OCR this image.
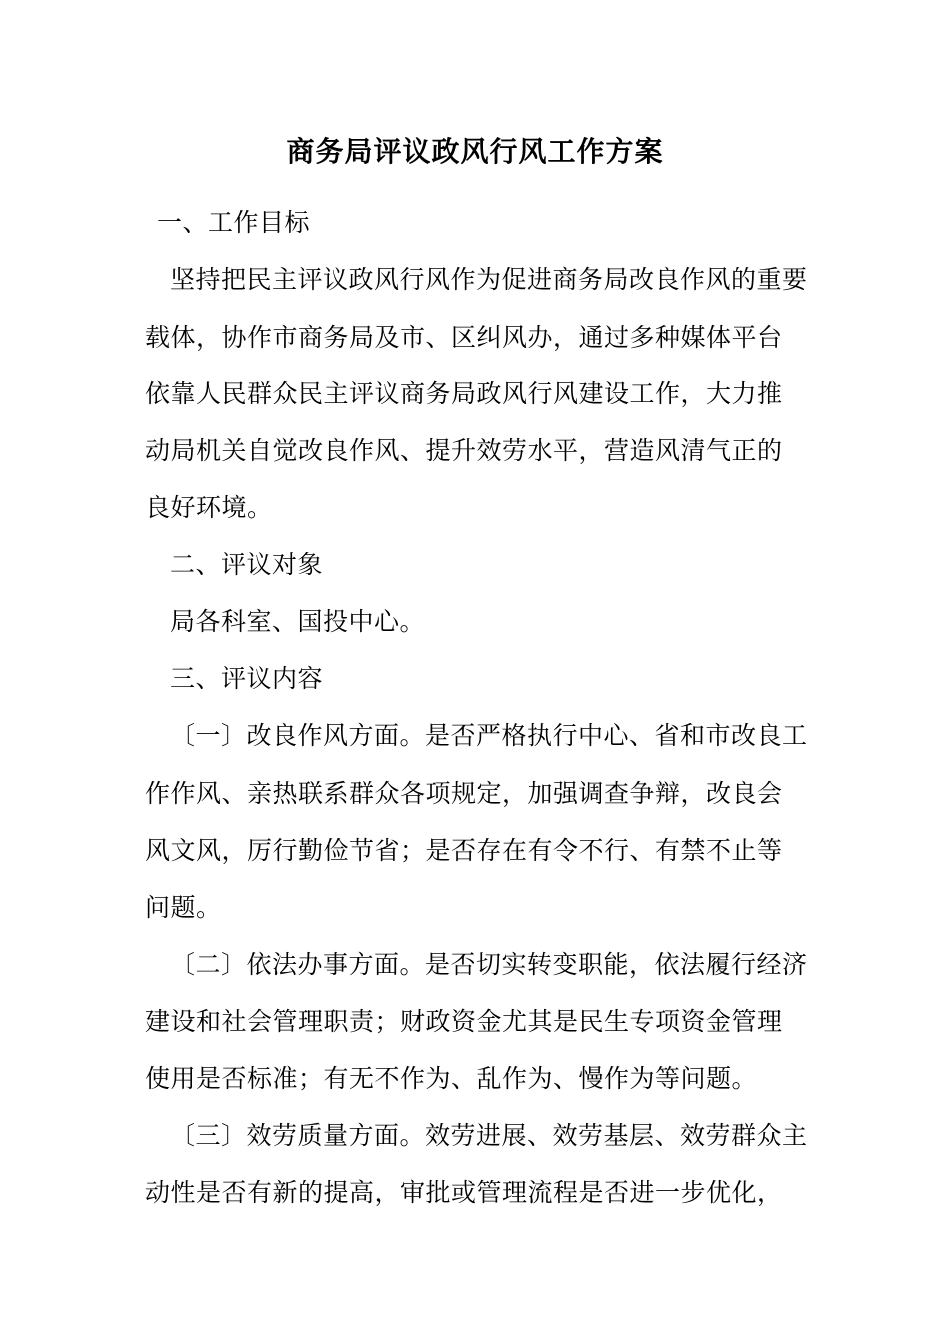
商务局评议政风行风工作方案
一、工作目标
坚持把民主评议政风行风作为促进商务局改良作风的重要
载体，协作市商务局及市、区纠风办，通过多种媒体平台
依靠人民群众民主评议商务局政风行风建设工作，大力推
动局机关自觉改良作风、提升效劳水平，营造风清气正的
良好环境。
二、评议对象
局各科室、国投中心。
三、评议内容
〔一〕改良作风方面。是否严格执行中心、省和市改良工
作作风、亲热联系群众各项规定，加强调查争辩，改良会
风文风，厉行勤俭节省；是否存在有令不行、有禁不止等
问题。
〔二〕依法办事方面。是否切实转变职能，依法履行经济
建设和社会管理职责；财政资金尤其是民生专项资金管理
使用是否标准；有无不作为、乱作为、慢作为等问题。
〔三〕效劳质量方面。效劳进展、效劳基层、效劳群众主
动性是否有新的提高，审批或管理流程是否进一步优化，
